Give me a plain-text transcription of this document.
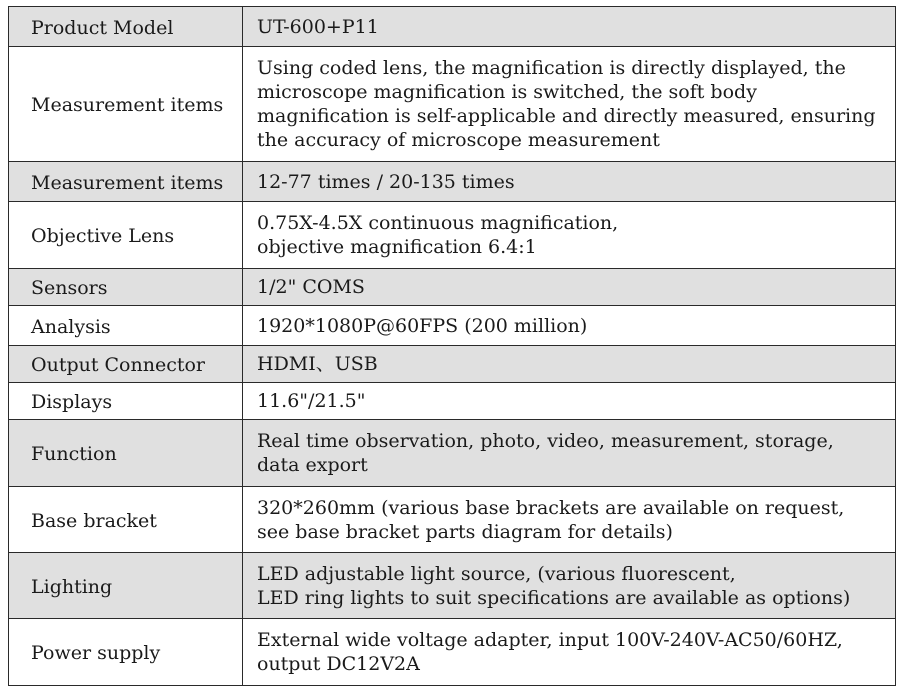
Product Model	UT-600+P11

Measurement items	Using coded lens, the magnification is directly displayed, the
microscope magnification is switched, the soft body
magnification is self-applicable and directly measured, ensuring
the accuracy of microscope measurement

Measurement items	12-77 times / 20-135 times

Objective Lens	0.75X-4.5X continuous magnification,
objective magnification 6.4:1

Sensors	1/2" COMS

Analysis	1920*1080P@60FPS (200 million)

Output Connector	HDMI、USB

Displays	11.6"/21.5"

Function	Real time observation, photo, video, measurement, storage,
data export

Base bracket	320*260mm (various base brackets are available on request,
see base bracket parts diagram for details)

Lighting	LED adjustable light source, (various fluorescent,
LED ring lights to suit specifications are available as options)

Power supply	External wide voltage adapter, input 100V-240V-AC50/60HZ,
output DC12V2A
